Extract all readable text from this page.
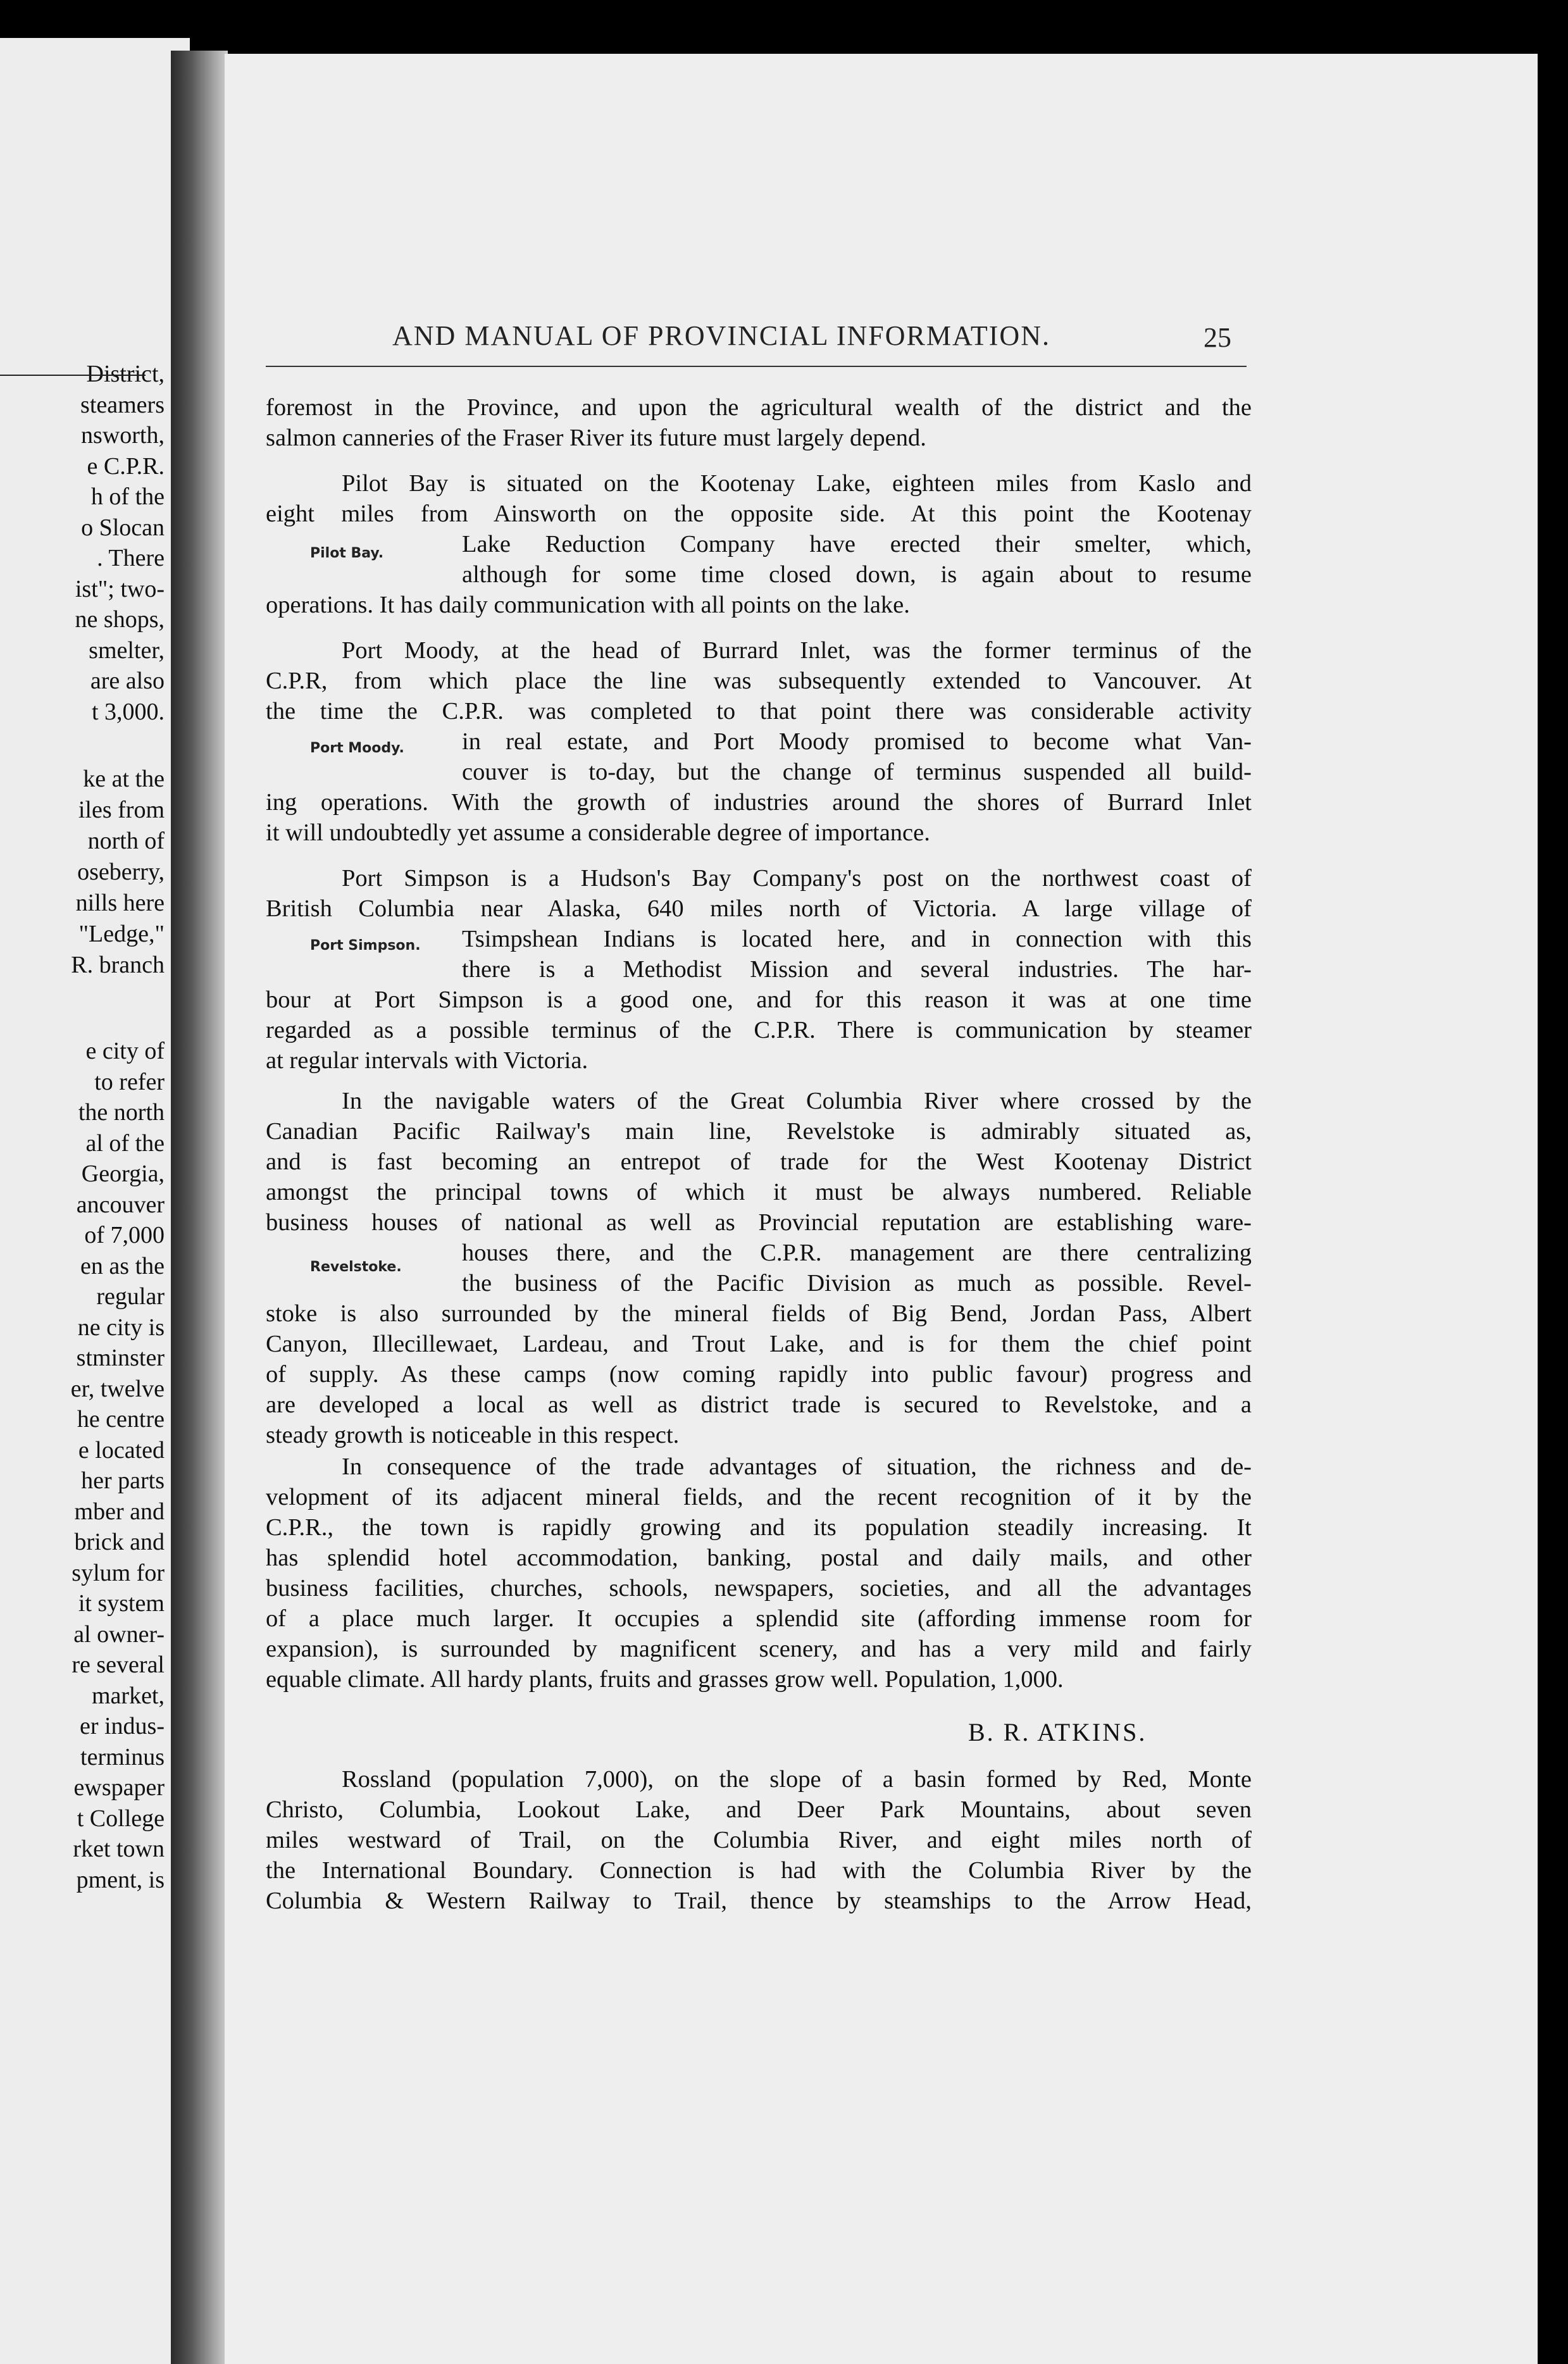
District,
steamers
nsworth,
e C.P.R.
h of the
o Slocan
. There
ist"; two-
ne shops,
smelter,
are also
t 3,000.
ke at the
iles from
north of
oseberry,
nills here
"Ledge,"
R. branch
e city of
to refer
the north
al of the
Georgia,
ancouver
of 7,000
en as the
regular
ne city is
stminster
er, twelve
he centre
e located
her parts
mber and
brick and
sylum for
it system
al owner-
re several
market,
er indus-
terminus
ewspaper
t College
rket town
pment, is
AND MANUAL OF PROVINCIAL INFORMATION.	25
foremost in the Province, and upon the agricultural wealth of the district and the
salmon canneries of the Fraser River its future must largely depend.
Pilot Bay is situated on the Kootenay Lake, eighteen miles from Kaslo and
eight miles from Ainsworth on the opposite side. At this point the Kootenay
Lake Reduction Company have erected their smelter, which,
although for some time closed down, is again about to resume
operations. It has daily communication with all points on the lake.
Port Moody, at the head of Burrard Inlet, was the former terminus of the
C.P.R, from which place the line was subsequently extended to Vancouver. At
the time the C.P.R. was completed to that point there was considerable activity
in real estate, and Port Moody promised to become what Van-
couver is to-day, but the change of terminus suspended all build-
ing operations. With the growth of industries around the shores of Burrard Inlet
it will undoubtedly yet assume a considerable degree of importance.
Port Simpson is a Hudson's Bay Company's post on the northwest coast of
British Columbia near Alaska, 640 miles north of Victoria. A large village of
Tsimpshean Indians is located here, and in connection with this
there is a Methodist Mission and several industries. The har-
bour at Port Simpson is a good one, and for this reason it was at one time
regarded as a possible terminus of the C.P.R. There is communication by steamer
at regular intervals with Victoria.
In the navigable waters of the Great Columbia River where crossed by the
Canadian Pacific Railway's main line, Revelstoke is admirably situated as,
and is fast becoming an entrepot of trade for the West Kootenay District
amongst the principal towns of which it must be always numbered. Reliable
business houses of national as well as Provincial reputation are establishing ware-
houses there, and the C.P.R. management are there centralizing
the business of the Pacific Division as much as possible. Revel-
stoke is also surrounded by the mineral fields of Big Bend, Jordan Pass, Albert
Canyon, Illecillewaet, Lardeau, and Trout Lake, and is for them the chief point
of supply. As these camps (now coming rapidly into public favour) progress and
are developed a local as well as district trade is secured to Revelstoke, and a
steady growth is noticeable in this respect.
In consequence of the trade advantages of situation, the richness and de-
velopment of its adjacent mineral fields, and the recent recognition of it by the
C.P.R., the town is rapidly growing and its population steadily increasing. It
has splendid hotel accommodation, banking, postal and daily mails, and other
business facilities, churches, schools, newspapers, societies, and all the advantages
of a place much larger. It occupies a splendid site (affording immense room for
expansion), is surrounded by magnificent scenery, and has a very mild and fairly
equable climate. All hardy plants, fruits and grasses grow well. Population, 1,000.
Rossland (population 7,000), on the slope of a basin formed by Red, Monte
Christo, Columbia, Lookout Lake, and Deer Park Mountains, about seven
miles westward of Trail, on the Columbia River, and eight miles north of
the International Boundary. Connection is had with the Columbia River by the
Columbia & Western Railway to Trail, thence by steamships to the Arrow Head,
Pilot Bay.
Port Moody.
Port Simpson.
Revelstoke.
B. R. ATKINS.
